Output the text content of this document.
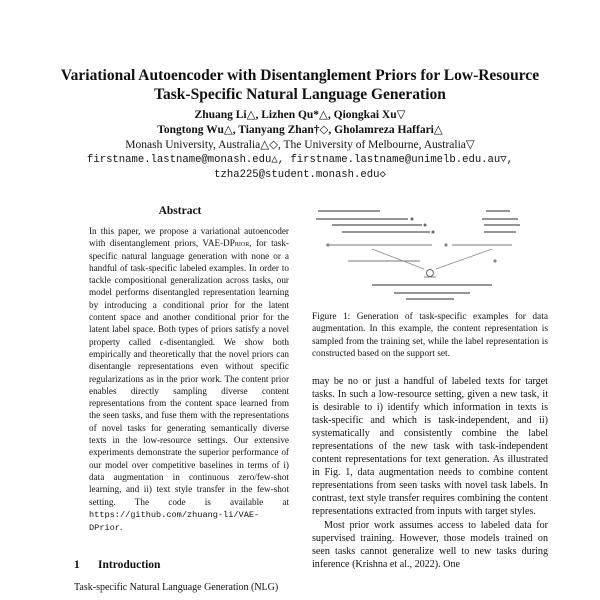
Variational Autoencoder with Disentanglement Priors for Low-Resource
Task-Specific Natural Language Generation
Zhuang Li△, Lizhen Qu*△, Qiongkai Xu▽
Tongtong Wu△, Tianyang Zhan†◇, Gholamreza Haffari△
Monash University, Australia△◇, The University of Melbourne, Australia▽
firstname.lastname@monash.edu△, firstname.lastname@unimelb.edu.au▽,
tzha225@student.monash.edu◇
Abstract
In this paper, we propose a variational autoencoder with disentanglement priors, VAE-DPrior, for task-specific natural language generation with none or a handful of task-specific labeled examples. In order to tackle compositional generalization across tasks, our model performs disentangled representation learning by introducing a conditional prior for the latent content space and another conditional prior for the latent label space. Both types of priors satisfy a novel property called ϵ-disentangled. We show both empirically and theoretically that the novel priors can disentangle representations even without specific regularizations as in the prior work. The content prior enables directly sampling diverse content representations from the content space learned from the seen tasks, and fuse them with the representations of novel tasks for generating semantically diverse texts in the low-resource settings. Our extensive experiments demonstrate the superior performance of our model over competitive baselines in terms of i) data augmentation in continuous zero/few-shot learning, and ii) text style transfer in the few-shot setting. The code is available at https://github.com/zhuang-li/VAE-DPrior.
1 Introduction
Task-specific Natural Language Generation (NLG)
Figure 1: Generation of task-specific examples for data augmentation. In this example, the content representation is sampled from the training set, while the label representation is constructed based on the support set.

may be no or just a handful of labeled texts for target tasks. In such a low-resource setting, given a new task, it is desirable to i) identify which information in texts is task-specific and which is task-independent, and ii) systematically and consistently combine the label representations of the new task with task-independent content representations for text generation. As illustrated in Fig. 1, data augmentation needs to combine content representations from seen tasks with novel task labels. In contrast, text style transfer requires combining the content representations extracted from inputs with target styles.

Most prior work assumes access to labeled data for supervised training. However, those models trained on seen tasks cannot generalize well to new tasks during inference (Krishna et al., 2022). One
